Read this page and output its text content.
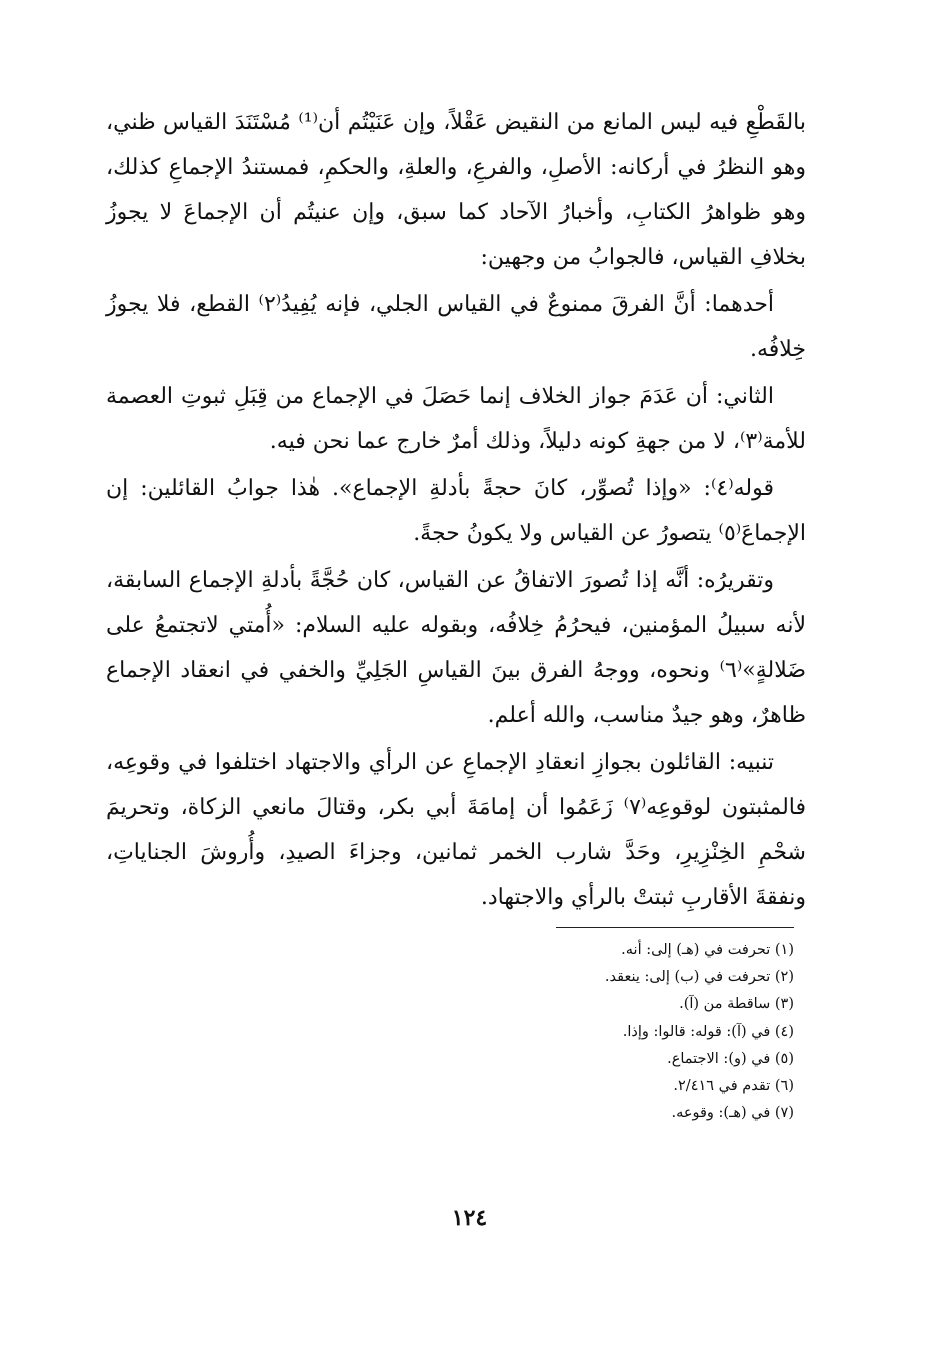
بالقَطْعِ فيه ليس المانع من النقيض عَقْلاً، وإن عَنَيْتُم أن⁽¹⁾ مُسْتَنَدَ القياس ظني، وهو النظرُ في أركانه: الأصلِ، والفرعِ، والعلةِ، والحكمِ، فمستندُ الإجماعِ كذلك، وهو ظواهرُ الكتابِ، وأخبارُ الآحاد كما سبق، وإن عنيتُم أن الإجماعَ لا يجوزُ بخلافِ القياس، فالجوابُ من وجهين:

أحدهما: أنَّ الفرقَ ممنوعٌ في القياس الجلي، فإنه يُفِيدُ⁽٢⁾ القطع، فلا يجوزُ خِلافُه.

الثاني: أن عَدَمَ جواز الخلاف إنما حَصَلَ في الإجماع من قِبَلِ ثبوتِ العصمة للأمة⁽٣⁾، لا من جهةِ كونه دليلاً، وذلك أمرٌ خارج عما نحن فيه.

قوله⁽٤⁾: «وإذا تُصوِّر، كانَ حجةً بأدلةِ الإجماع». هٰذا جوابُ القائلين: إن الإجماعَ⁽٥⁾ يتصورُ عن القياس ولا يكونُ حجةً.

وتقريرُه: أنَّه إذا تُصورَ الاتفاقُ عن القياس، كان حُجَّةً بأدلةِ الإجماع السابقة، لأنه سبيلُ المؤمنين، فيحرُمُ خِلافُه، وبقوله عليه السلام: «أُمتي لاتجتمعُ على ضَلالةٍ»⁽٦⁾ ونحوه، ووجهُ الفرق بينَ القياسِ الجَلِيِّ والخفي في انعقاد الإجماع ظاهرٌ، وهو جيدٌ مناسب، والله أعلم.

تنبيه: القائلون بجوازِ انعقادِ الإجماعِ عن الرأي والاجتهاد اختلفوا في وقوعِه، فالمثبتون لوقوعِه⁽٧⁾ زَعَمُوا أن إمامَةَ أبي بكر، وقتالَ مانعي الزكاة، وتحريمَ شحْمِ الخِنْزِيرِ، وحَدَّ شارب الخمر ثمانين، وجزاءَ الصيدِ، وأُروشَ الجناياتِ، ونفقةَ الأقاربِ ثبتتْ بالرأي والاجتهاد.

(١) تحرفت في (هـ) إلى: أنه.
(٢) تحرفت في (ب) إلى: ينعقد.
(٣) ساقطة من (آ).
(٤) في (آ): قوله: قالوا: وإذا.
(٥) في (و): الاجتماع.
(٦) تقدم في ٢/٤١٦.
(٧) في (هـ): وقوعه.
١٢٤
